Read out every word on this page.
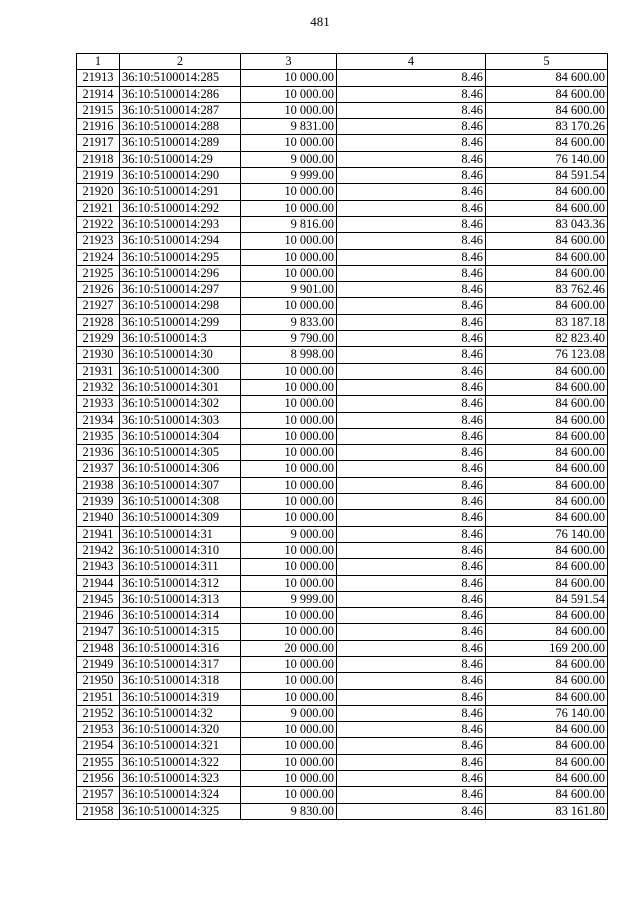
481
1	2	3	4	5
21913	36:10:5100014:285	10 000.00	8.46	84 600.00
21914	36:10:5100014:286	10 000.00	8.46	84 600.00
21915	36:10:5100014:287	10 000.00	8.46	84 600.00
21916	36:10:5100014:288	9 831.00	8.46	83 170.26
21917	36:10:5100014:289	10 000.00	8.46	84 600.00
21918	36:10:5100014:29	9 000.00	8.46	76 140.00
21919	36:10:5100014:290	9 999.00	8.46	84 591.54
21920	36:10:5100014:291	10 000.00	8.46	84 600.00
21921	36:10:5100014:292	10 000.00	8.46	84 600.00
21922	36:10:5100014:293	9 816.00	8.46	83 043.36
21923	36:10:5100014:294	10 000.00	8.46	84 600.00
21924	36:10:5100014:295	10 000.00	8.46	84 600.00
21925	36:10:5100014:296	10 000.00	8.46	84 600.00
21926	36:10:5100014:297	9 901.00	8.46	83 762.46
21927	36:10:5100014:298	10 000.00	8.46	84 600.00
21928	36:10:5100014:299	9 833.00	8.46	83 187.18
21929	36:10:5100014:3	9 790.00	8.46	82 823.40
21930	36:10:5100014:30	8 998.00	8.46	76 123.08
21931	36:10:5100014:300	10 000.00	8.46	84 600.00
21932	36:10:5100014:301	10 000.00	8.46	84 600.00
21933	36:10:5100014:302	10 000.00	8.46	84 600.00
21934	36:10:5100014:303	10 000.00	8.46	84 600.00
21935	36:10:5100014:304	10 000.00	8.46	84 600.00
21936	36:10:5100014:305	10 000.00	8.46	84 600.00
21937	36:10:5100014:306	10 000.00	8.46	84 600.00
21938	36:10:5100014:307	10 000.00	8.46	84 600.00
21939	36:10:5100014:308	10 000.00	8.46	84 600.00
21940	36:10:5100014:309	10 000.00	8.46	84 600.00
21941	36:10:5100014:31	9 000.00	8.46	76 140.00
21942	36:10:5100014:310	10 000.00	8.46	84 600.00
21943	36:10:5100014:311	10 000.00	8.46	84 600.00
21944	36:10:5100014:312	10 000.00	8.46	84 600.00
21945	36:10:5100014:313	9 999.00	8.46	84 591.54
21946	36:10:5100014:314	10 000.00	8.46	84 600.00
21947	36:10:5100014:315	10 000.00	8.46	84 600.00
21948	36:10:5100014:316	20 000.00	8.46	169 200.00
21949	36:10:5100014:317	10 000.00	8.46	84 600.00
21950	36:10:5100014:318	10 000.00	8.46	84 600.00
21951	36:10:5100014:319	10 000.00	8.46	84 600.00
21952	36:10:5100014:32	9 000.00	8.46	76 140.00
21953	36:10:5100014:320	10 000.00	8.46	84 600.00
21954	36:10:5100014:321	10 000.00	8.46	84 600.00
21955	36:10:5100014:322	10 000.00	8.46	84 600.00
21956	36:10:5100014:323	10 000.00	8.46	84 600.00
21957	36:10:5100014:324	10 000.00	8.46	84 600.00
21958	36:10:5100014:325	9 830.00	8.46	83 161.80
